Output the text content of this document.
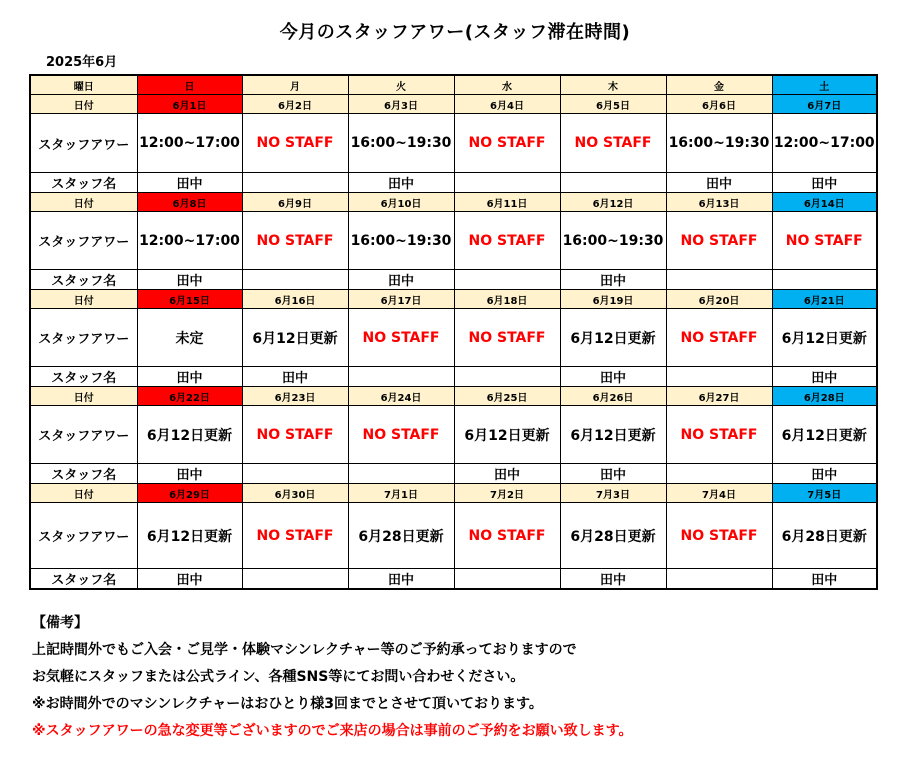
今月のスタッフアワー(スタッフ滞在時間)
2025年6月
曜日	日	月	火	水	木	金	土
日付	6月1日	6月2日	6月3日	6月4日	6月5日	6月6日	6月7日
スタッフアワー	12:00~17:00	NO STAFF	16:00~19:30	NO STAFF	NO STAFF	16:00~19:30	12:00~17:00
スタッフ名	田中		田中			田中	田中
日付	6月8日	6月9日	6月10日	6月11日	6月12日	6月13日	6月14日
スタッフアワー	12:00~17:00	NO STAFF	16:00~19:30	NO STAFF	16:00~19:30	NO STAFF	NO STAFF
スタッフ名	田中		田中		田中		
日付	6月15日	6月16日	6月17日	6月18日	6月19日	6月20日	6月21日
スタッフアワー	未定	6月12日更新	NO STAFF	NO STAFF	6月12日更新	NO STAFF	6月12日更新
スタッフ名	田中	田中			田中		田中
日付	6月22日	6月23日	6月24日	6月25日	6月26日	6月27日	6月28日
スタッフアワー	6月12日更新	NO STAFF	NO STAFF	6月12日更新	6月12日更新	NO STAFF	6月12日更新
スタッフ名	田中			田中	田中		田中
日付	6月29日	6月30日	7月1日	7月2日	7月3日	7月4日	7月5日
スタッフアワー	6月12日更新	NO STAFF	6月28日更新	NO STAFF	6月28日更新	NO STAFF	6月28日更新
スタッフ名	田中		田中		田中		田中
【備考】
上記時間外でもご入会・ご見学・体験マシンレクチャー等のご予約承っておりますので
お気軽にスタッフまたは公式ライン、各種SNS等にてお問い合わせください。
※お時間外でのマシンレクチャーはおひとり様3回までとさせて頂いております。
※スタッフアワーの急な変更等ございますのでご来店の場合は事前のご予約をお願い致します。
